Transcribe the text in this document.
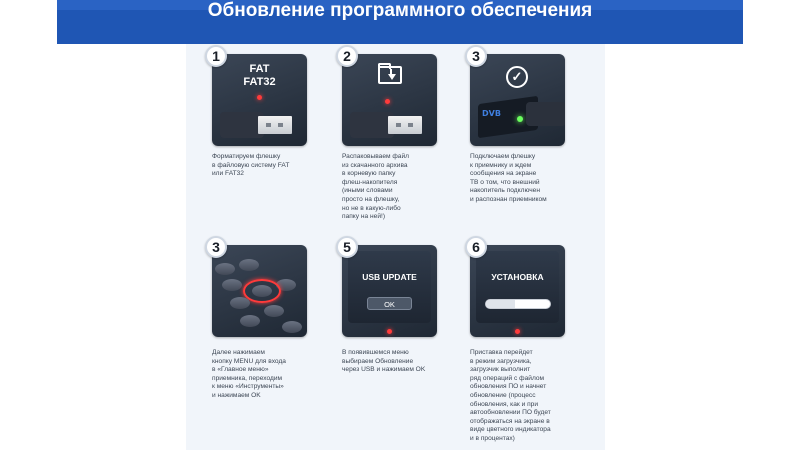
Обновление программного обеспечения
FAT
FAT32
1
Форматируем флешку
в файловую систему FAT
или FAT32
2
Распаковываем файл
из скачанного архива
в корневую папку
флеш-накопителя
(иными словами
просто на флешку,
но не в какую-либо
папку на ней!)
✓
DVB
3
Подключаем флешку
к приемнику и ждем
сообщения на экране
ТВ о том, что внешний
накопитель подключен
и распознан приемником
3
Далее нажимаем
кнопку MENU для входа
в «Главное меню»
приемника, переходим
к меню «Инструменты»
и нажимаем OK
USB UPDATE
OK
5
В появившемся меню
выбираем Обновление
через USB и нажимаем OK
УСТАНОВКА
6
Приставка перейдет
в режим загрузчика,
загрузчик выполнит
ряд операций с файлом
обновления ПО и начнет
обновление (процесс
обновления, как и при
автообновлении ПО будет
отображаться на экране в
виде цветного индикатора
и в процентах)
